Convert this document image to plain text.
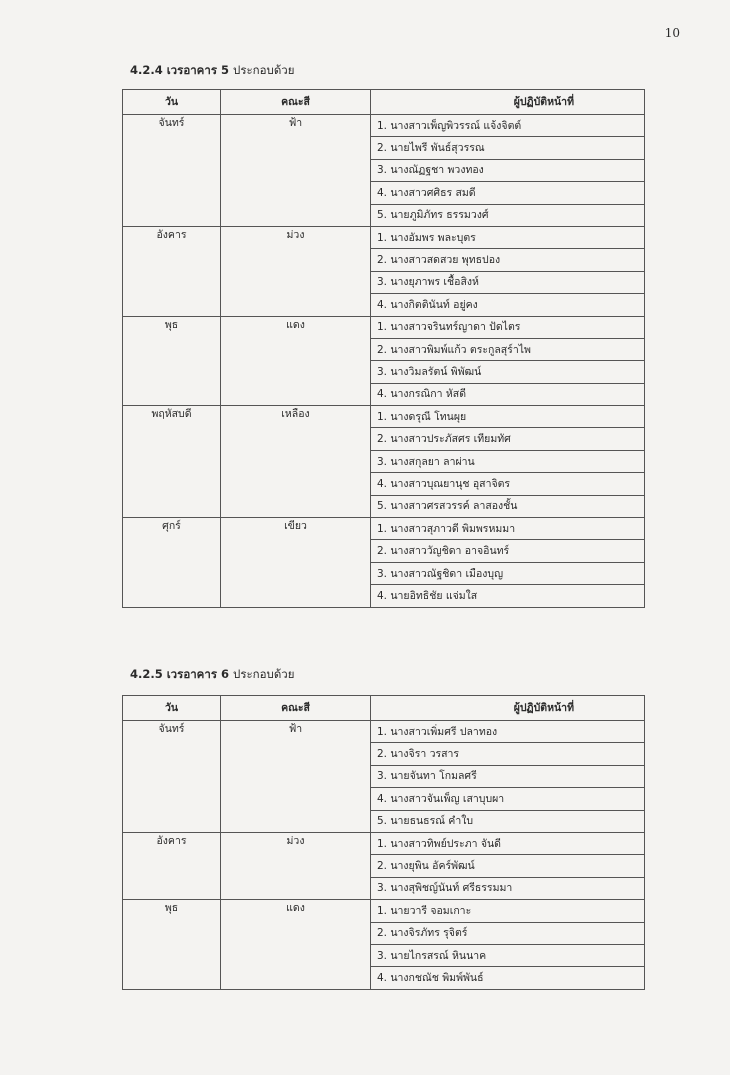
10
4.2.4 เวรอาคาร 5 ประกอบด้วย
วัน	คณะสี	ผู้ปฏิบัติหน้าที่
จันทร์	ฟ้า	1. นางสาวเพ็ญพิวรรณ์ แจ้งจิตต์
		2. นายไพรี พันธ์สุวรรณ
		3. นางณัฏฐชา พวงทอง
		4. นางสาวศศิธร สมดี
		5. นายภูมิภัทร ธรรมวงศ์
อังคาร	ม่วง	1. นางอัมพร พละบุตร
		2. นางสาวสดสวย พุทธปอง
		3. นางยุภาพร เชื้อสิงห์
		4. นางกิตตินันท์ อยู่คง
พุธ	แดง	1. นางสาวจรินทร์ญาดา ปัดไตร
		2. นางสาวพิมพ์แก้ว ตระกูลสุร์าไพ
		3. นางวิมลรัตน์ พิพัฒน์
		4. นางกรณิกา หัสดี
พฤหัสบดี	เหลือง	1. นางดรุณี โทนผุย
		2. นางสาวประภัสศร เทียมทัศ
		3. นางสกุลยา ลาผ่าน
		4. นางสาวบุณยานุช อุสาจิตร
		5. นางสาวศรสวรรค์ ลาสองชั้น
ศุกร์	เขียว	1. นางสาวสุภาวดี พิมพรหมมา
		2. นางสาววัญชิดา อาจอินทร์
		3. นางสาวณัฐชิดา เมืองบุญ
		4. นายอิทธิชัย แจ่มใส
4.2.5 เวรอาคาร 6 ประกอบด้วย
วัน	คณะสี	ผู้ปฏิบัติหน้าที่
จันทร์	ฟ้า	1. นางสาวเพิ่มศรี ปลาทอง
		2. นางจิรา วรสาร
		3. นายจันทา โกมลศรี
		4. นางสาวจันเพ็ญ เสาบุบผา
		5. นายธนธรณ์ คำใบ
อังคาร	ม่วง	1. นางสาวทิพย์ประภา จันดี
		2. นางยุพิน อัคร์พัฒน์
		3. นางสุพิชญ์นันท์ ศรีธรรมมา
พุธ	แดง	1. นายวารี จอมเกาะ
		2. นางจิรภัทร รุจิตร์
		3. นายไกรสรณ์ หินนาค
		4. นางกชณัช พิมพ์พันธ์
